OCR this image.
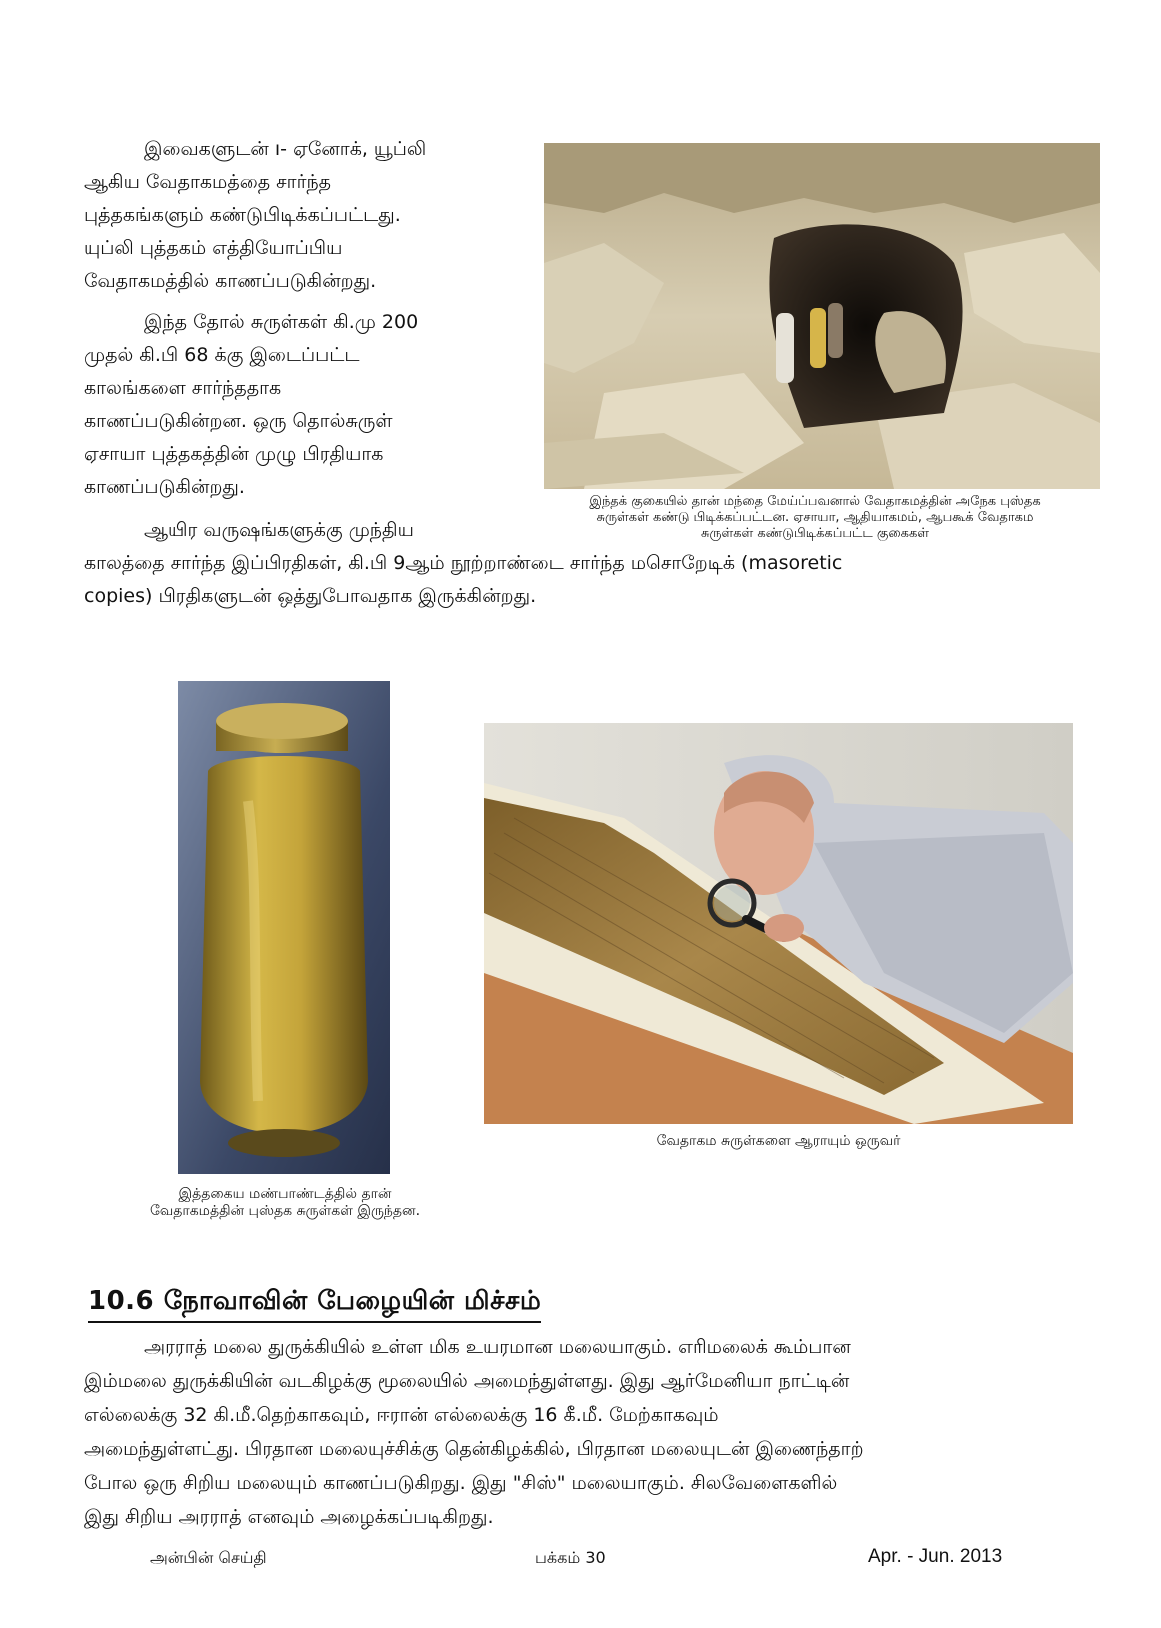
இவைகளுடன் ı- ஏனோக், யூப்லி
ஆகிய வேதாகமத்தை சார்ந்த
புத்தகங்களும் கண்டுபிடிக்கப்பட்டது.
யுப்லி புத்தகம் எத்தியோப்பிய
வேதாகமத்தில் காணப்படுகின்றது.
இந்த தோல் சுருள்கள் கி.மு 200
முதல் கி.பி 68 க்கு இடைப்பட்ட
காலங்களை சார்ந்ததாக
காணப்படுகின்றன. ஒரு தொல்சுருள்
ஏசாயா புத்தகத்தின் முழு பிரதியாக
காணப்படுகின்றது.
ஆயிர வருஷங்களுக்கு முந்திய
காலத்தை சார்ந்த இப்பிரதிகள், கி.பி 9ஆம் நூற்றாண்டை சார்ந்த மசொறேடிக் (masoretic
copies) பிரதிகளுடன் ஒத்துபோவதாக இருக்கின்றது.
இந்தக் குகையில் தான் மந்தை மேய்ப்பவனால் வேதாகமத்தின் அநேக புஸ்தக
சுருள்கள் கண்டு பிடிக்கப்பட்டன. ஏசாயா, ஆதியாகமம், ஆபகூக் வேதாகம
சுருள்கள் கண்டுபிடிக்கப்பட்ட குகைகள்
இத்தகைய மண்பாண்டத்தில் தான்
வேதாகமத்தின் புஸ்தக சுருள்கள் இருந்தன.
வேதாகம சுருள்களை ஆராயும் ஒருவர்
10.6 நோவாவின் பேழையின் மிச்சம்
அரராத் மலை துருக்கியில் உள்ள மிக உயரமான மலையாகும். எரிமலைக் கூம்பான
இம்மலை துருக்கியின் வடகிழக்கு மூலையில் அமைந்துள்ளது. இது ஆர்மேனியா நாட்டின்
எல்லைக்கு 32 கி.மீ.தெற்காகவும், ஈரான் எல்லைக்கு 16 கீ.மீ. மேற்காகவும்
அமைந்துள்ளட்து. பிரதான மலையுச்சிக்கு தென்கிழக்கில், பிரதான மலையுடன் இணைந்தாற்
போல ஒரு சிறிய மலையும் காணப்படுகிறது. இது "சிஸ்" மலையாகும். சிலவேளைகளில்
இது சிறிய அரராத் எனவும் அழைக்கப்படிகிறது.
அன்பின் செய்தி	பக்கம் 30	Apr. - Jun. 2013
